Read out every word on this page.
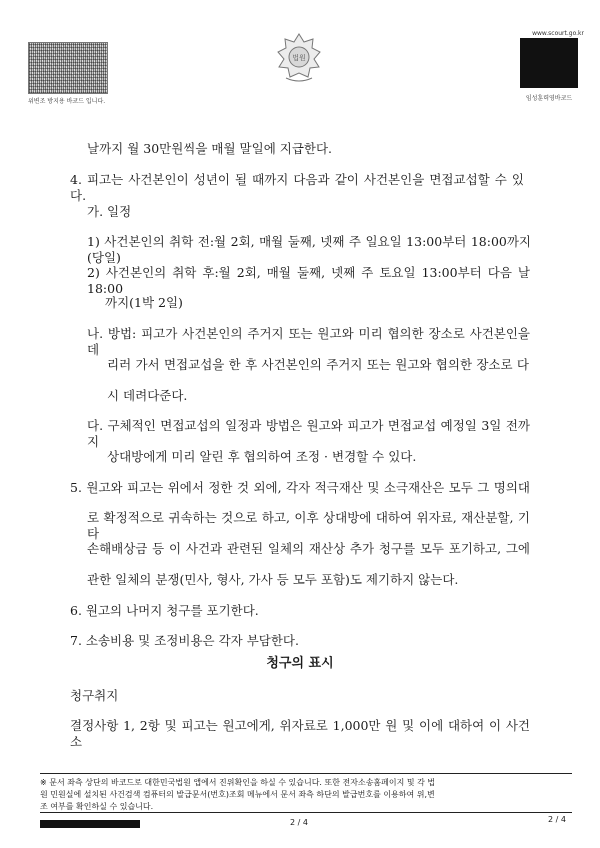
위변조 방지용 바코드 입니다.
법원
www.scourt.go.kr
임성훈력영바코드
날까지 월 30만원씩을 매월 말일에 지급한다.
4. 피고는 사건본인이 성년이 될 때까지 다음과 같이 사건본인을 면접교섭할 수 있다.
가. 일정
1) 사건본인의 취학 전:월 2회, 매월 둘째, 넷째 주 일요일 13:00부터 18:00까지(당일)
2) 사건본인의 취학 후:월 2회, 매월 둘째, 넷째 주 토요일 13:00부터 다음 날 18:00
까지(1박 2일)
나. 방법: 피고가 사건본인의 주거지 또는 원고와 미리 협의한 장소로 사건본인을 데
리러 가서 면접교섭을 한 후 사건본인의 주거지 또는 원고와 협의한 장소로 다
시 데려다준다.
다. 구체적인 면접교섭의 일정과 방법은 원고와 피고가 면접교섭 예정일 3일 전까지
상대방에게 미리 알린 후 협의하여 조정 · 변경할 수 있다.
5. 원고와 피고는 위에서 정한 것 외에, 각자 적극재산 및 소극재산은 모두 그 명의대
로 확정적으로 귀속하는 것으로 하고, 이후 상대방에 대하여 위자료, 재산분할, 기타
손해배상금 등 이 사건과 관련된 일체의 재산상 추가 청구를 모두 포기하고, 그에
관한 일체의 분쟁(민사, 형사, 가사 등 모두 포함)도 제기하지 않는다.
6. 원고의 나머지 청구를 포기한다.
7. 소송비용 및 조정비용은 각자 부담한다.
청구의 표시
청구취지
결정사항 1, 2항 및 피고는 원고에게, 위자료로 1,000만 원 및 이에 대하여 이 사건 소
※ 문서 좌측 상단의 바코드로 대한민국법원 앱에서 진위확인을 하실 수 있습니다. 또한 전자소송홈페이지 및 각 법
원 민원실에 설치된 사건검색 컴퓨터의 발급문서(번호)조회 메뉴에서 문서 좌측 하단의 발급번호를 이용하여 위,변
조 여부를 확인하실 수 있습니다.
2 / 4	2 / 4
